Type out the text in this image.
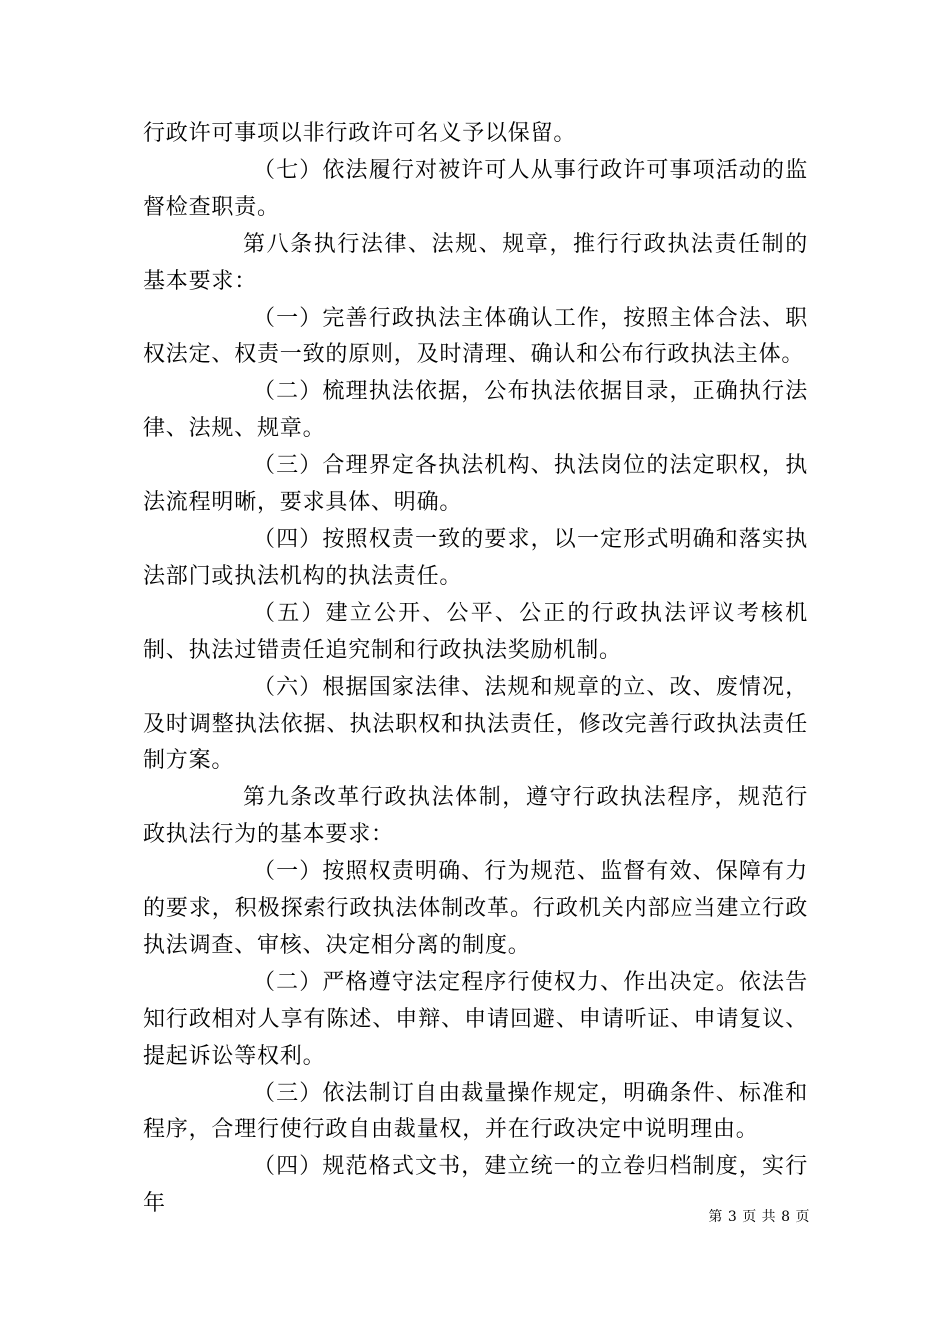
行政许可事项以非行政许可名义予以保留。

（七）依法履行对被许可人从事行政许可事项活动的监督检查职责。

第八条执行法律、法规、规章，推行行政执法责任制的基本要求：

（一）完善行政执法主体确认工作，按照主体合法、职权法定、权责一致的原则，及时清理、确认和公布行政执法主体。

（二）梳理执法依据，公布执法依据目录，正确执行法律、法规、规章。

（三）合理界定各执法机构、执法岗位的法定职权，执法流程明晰，要求具体、明确。

（四）按照权责一致的要求，以一定形式明确和落实执法部门或执法机构的执法责任。

（五）建立公开、公平、公正的行政执法评议考核机制、执法过错责任追究制和行政执法奖励机制。

（六）根据国家法律、法规和规章的立、改、废情况，及时调整执法依据、执法职权和执法责任，修改完善行政执法责任制方案。

第九条改革行政执法体制，遵守行政执法程序，规范行政执法行为的基本要求：

（一）按照权责明确、行为规范、监督有效、保障有力的要求，积极探索行政执法体制改革。行政机关内部应当建立行政执法调查、审核、决定相分离的制度。

（二）严格遵守法定程序行使权力、作出决定。依法告知行政相对人享有陈述、申辩、申请回避、申请听证、申请复议、提起诉讼等权利。

（三）依法制订自由裁量操作规定，明确条件、标准和程序，合理行使行政自由裁量权，并在行政决定中说明理由。

（四）规范格式文书，建立统一的立卷归档制度，实行年

第 3 页 共 8 页
